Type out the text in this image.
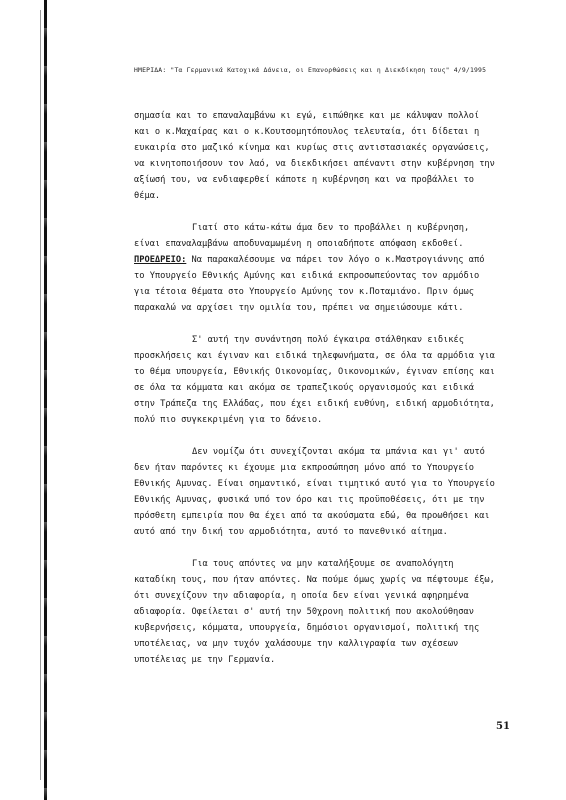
ΗΜΕΡΙΔΑ: "Τα Γερμανικά Κατοχικά Δάνεια, οι Επανορθώσεις και η Διεκδίκηση τους" 4/9/1995
σημασία και το επαναλαμβάνω κι εγώ, ειπώθηκε και με κάλυψαν πολλοί
και ο κ.Μαχαίρας και ο κ.Κουτσομητόπουλος τελευταία, ότι δίδεται η
ευκαιρία στο μαζικό κίνημα και κυρίως στις αντιστασιακές οργανώσεις,
να κινητοποιήσουν τον λαό, να διεκδικήσει απέναντι στην κυβέρνηση την
αξίωσή του, να ενδιαφερθεί κάποτε η κυβέρνηση και να προβάλλει το
θέμα.
Γιατί στο κάτω-κάτω άμα δεν το προβάλλει η κυβέρνηση,
είναι επαναλαμβάνω αποδυναμωμένη η οποιαδήποτε απόφαση εκδοθεί.
ΠΡΟΕΔΡΕΙΟ: Να παρακαλέσουμε να πάρει τον λόγο ο κ.Μαστρογιάννης από
το Υπουργείο Εθνικής Αμύνης και ειδικά εκπροσωπεύοντας τον αρμόδιο
για τέτοια θέματα στο Υπουργείο Αμύνης τον κ.Ποταμιάνο. Πριν όμως
παρακαλώ να αρχίσει την ομιλία του, πρέπει να σημειώσουμε κάτι.
Σ' αυτή την συνάντηση πολύ έγκαιρα στάλθηκαν ειδικές
προσκλήσεις και έγιναν και ειδικά τηλεφωνήματα, σε όλα τα αρμόδια για
το θέμα υπουργεία, Εθνικής Οικονομίας, Οικονομικών, έγιναν επίσης και
σε όλα τα κόμματα και ακόμα σε τραπεζικούς οργανισμούς και ειδικά
στην Τράπεζα της Ελλάδας, που έχει ειδική ευθύνη, ειδική αρμοδιότητα,
πολύ πιο συγκεκριμένη για το δάνειο.
Δεν νομίζω ότι συνεχίζονται ακόμα τα μπάνια και γι' αυτό
δεν ήταν παρόντες κι έχουμε μια εκπροσώπηση μόνο από το Υπουργείο
Εθνικής Αμυνας. Είναι σημαντικό, είναι τιμητικό αυτό για το Υπουργείο
Εθνικής Αμυνας, φυσικά υπό τον όρο και τις προϋποθέσεις, ότι με την
πρόσθετη εμπειρία που θα έχει από τα ακούσματα εδώ, θα προωθήσει και
αυτό από την δική του αρμοδιότητα, αυτό το πανεθνικό αίτημα.
Για τους απόντες να μην καταλήξουμε σε αναπολόγητη
καταδίκη τους, που ήταν απόντες. Να πούμε όμως χωρίς να πέφτουμε έξω,
ότι συνεχίζουν την αδιαφορία, η οποία δεν είναι γενικά αφηρημένα
αδιαφορία. Οφείλεται σ' αυτή την 50χρονη πολιτική που ακολούθησαν
κυβερνήσεις, κόμματα, υπουργεία, δημόσιοι οργανισμοί, πολιτική της
υποτέλειας, να μην τυχόν χαλάσουμε την καλλιγραφία των σχέσεων
υποτέλειας με την Γερμανία.
51
